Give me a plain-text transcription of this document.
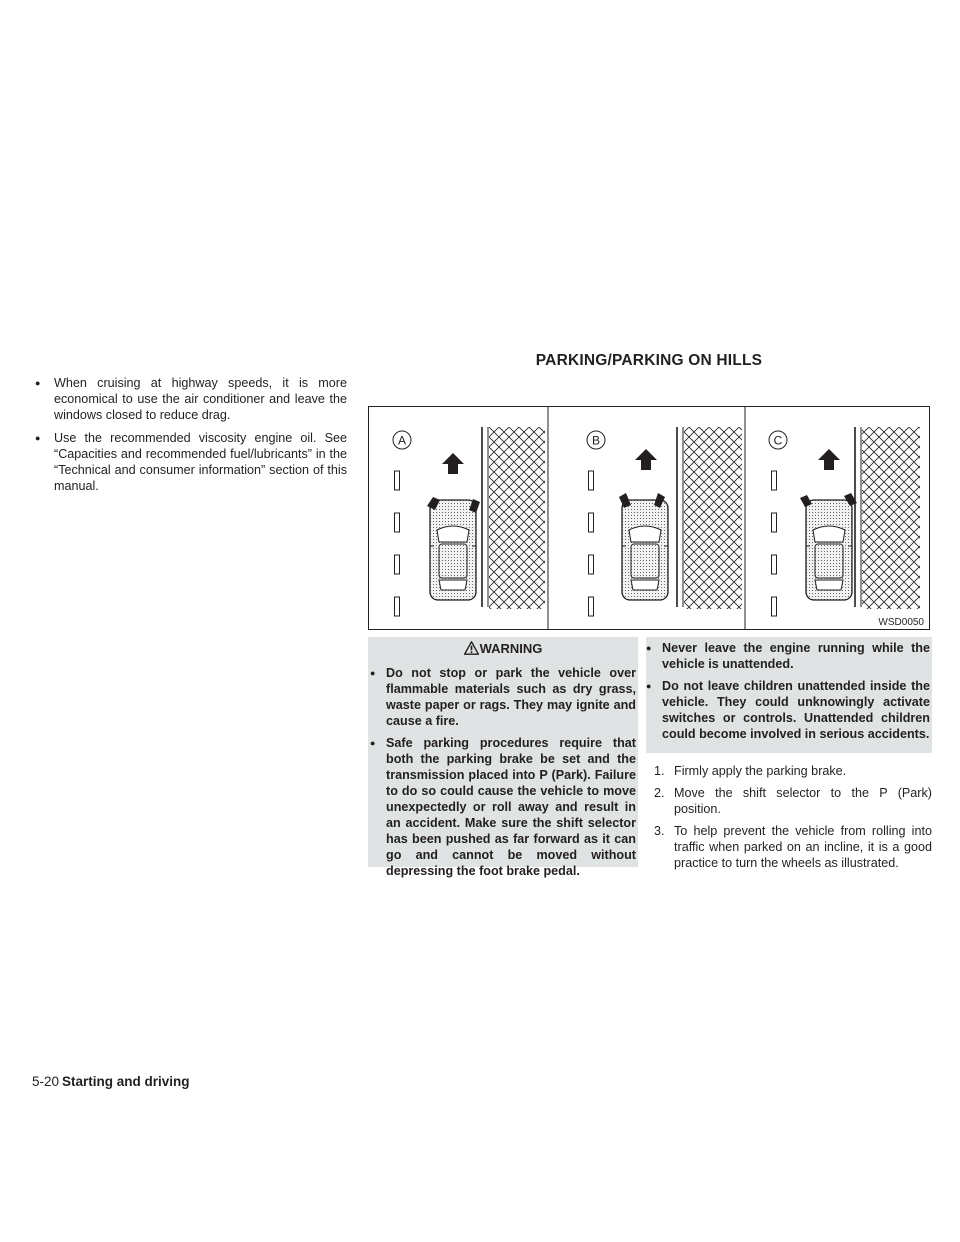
PARKING/PARKING ON HILLS

● When cruising at highway speeds, it is more economical to use the air conditioner and leave the windows closed to reduce drag.

● Use the recommended viscosity engine oil. See “Capacities and recommended fuel/lubricants” in the “Technical and consumer information” section of this manual.

A	B	C
WSD0050
WARNING

● Do not stop or park the vehicle over flammable materials such as dry grass, waste paper or rags. They may ignite and cause a fire.

● Safe parking procedures require that both the parking brake be set and the transmission placed into P (Park). Failure to do so could cause the vehicle to move unexpectedly or roll away and result in an accident. Make sure the shift selector has been pushed as far forward as it can go and cannot be moved without depressing the foot brake pedal.

● Never leave the engine running while the vehicle is unattended.

● Do not leave children unattended inside the vehicle. They could unknowingly activate switches or controls. Unattended children could become involved in serious accidents.

1. Firmly apply the parking brake.

2. Move the shift selector to the P (Park) position.

3. To help prevent the vehicle from rolling into traffic when parked on an incline, it is a good practice to turn the wheels as illustrated.

5-20 Starting and driving
